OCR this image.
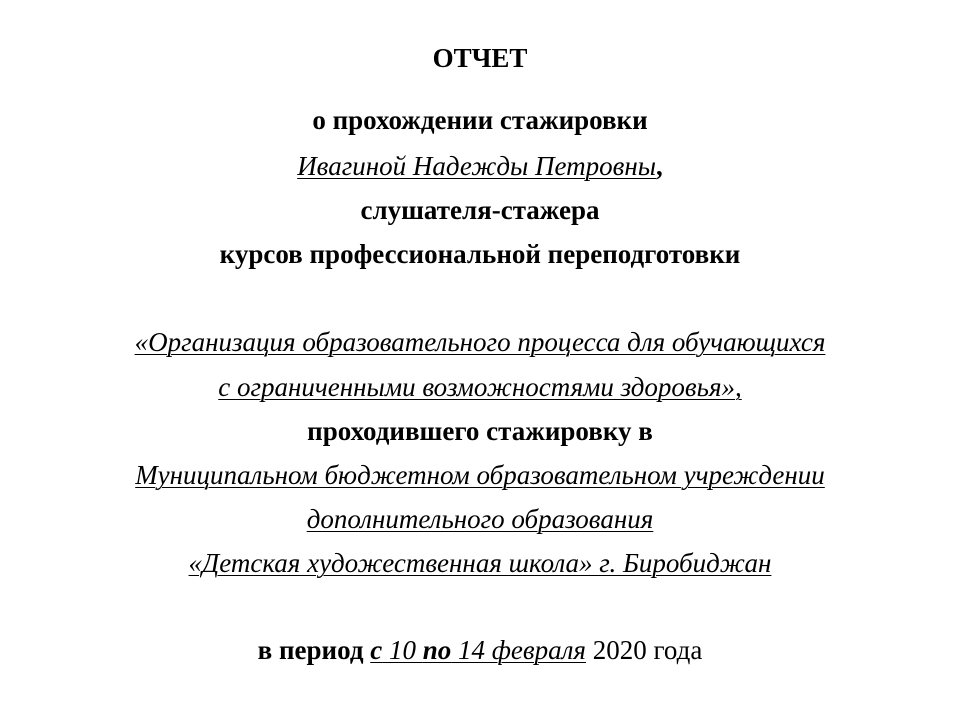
ОТЧЕТ
о прохождении стажировки
Ивагиной Надежды Петровны,
слушателя-стажера
курсов профессиональной переподготовки
«Организация образовательного процесса для обучающихся
с ограниченными возможностями здоровья»,
проходившего стажировку в
Муниципальном бюджетном образовательном учреждении
дополнительного образования
«Детская художественная школа» г. Биробиджан
в период с 10 по 14 февраля 2020 года
